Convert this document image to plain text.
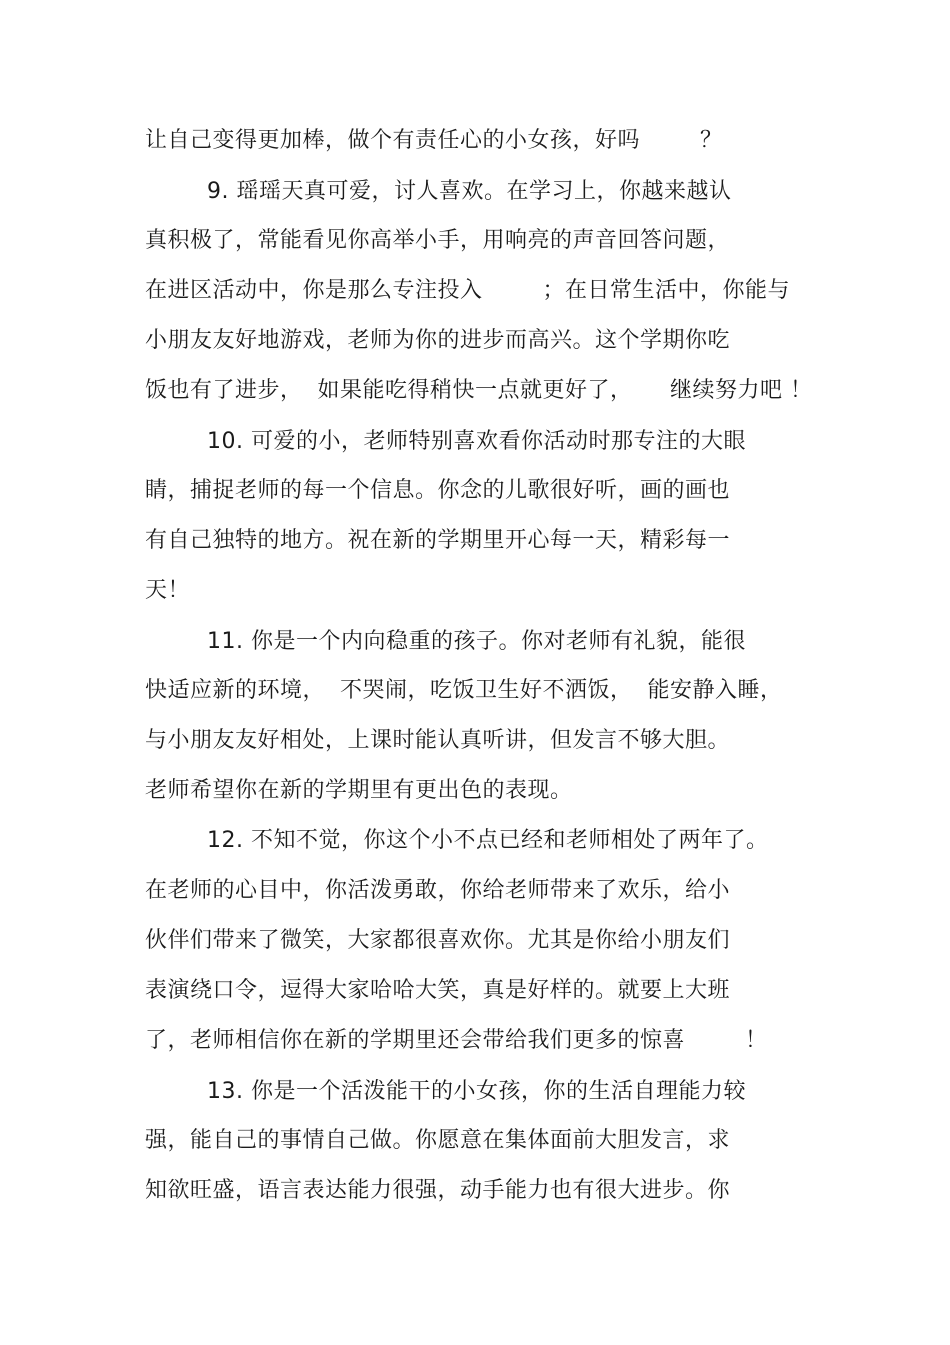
让自己变得更加棒，做个有责任心的小女孩，好吗        ？
9. 瑶瑶天真可爱，讨人喜欢。在学习上，你越来越认
真积极了，常能看见你高举小手，用响亮的声音回答问题，
在进区活动中，你是那么专注投入        ；在日常生活中，你能与
小朋友友好地游戏，老师为你的进步而高兴。这个学期你吃
饭也有了进步，  如果能吃得稍快一点就更好了，     继续努力吧 ！
10. 可爱的小，老师特别喜欢看你活动时那专注的大眼
睛，捕捉老师的每一个信息。你念的儿歌很好听，画的画也
有自己独特的地方。祝在新的学期里开心每一天，精彩每一
天！
11. 你是一个内向稳重的孩子。你对老师有礼貌，能很
快适应新的环境，  不哭闹，吃饭卫生好不洒饭，  能安静入睡，
与小朋友友好相处，上课时能认真听讲，但发言不够大胆。
老师希望你在新的学期里有更出色的表现。
12. 不知不觉，你这个小不点已经和老师相处了两年了。
在老师的心目中，你活泼勇敢，你给老师带来了欢乐，给小
伙伴们带来了微笑，大家都很喜欢你。尤其是你给小朋友们
表演绕口令，逗得大家哈哈大笑，真是好样的。就要上大班
了，老师相信你在新的学期里还会带给我们更多的惊喜        ！
13. 你是一个活泼能干的小女孩，你的生活自理能力较
强，能自己的事情自己做。你愿意在集体面前大胆发言，求
知欲旺盛，语言表达能力很强，动手能力也有很大进步。你
